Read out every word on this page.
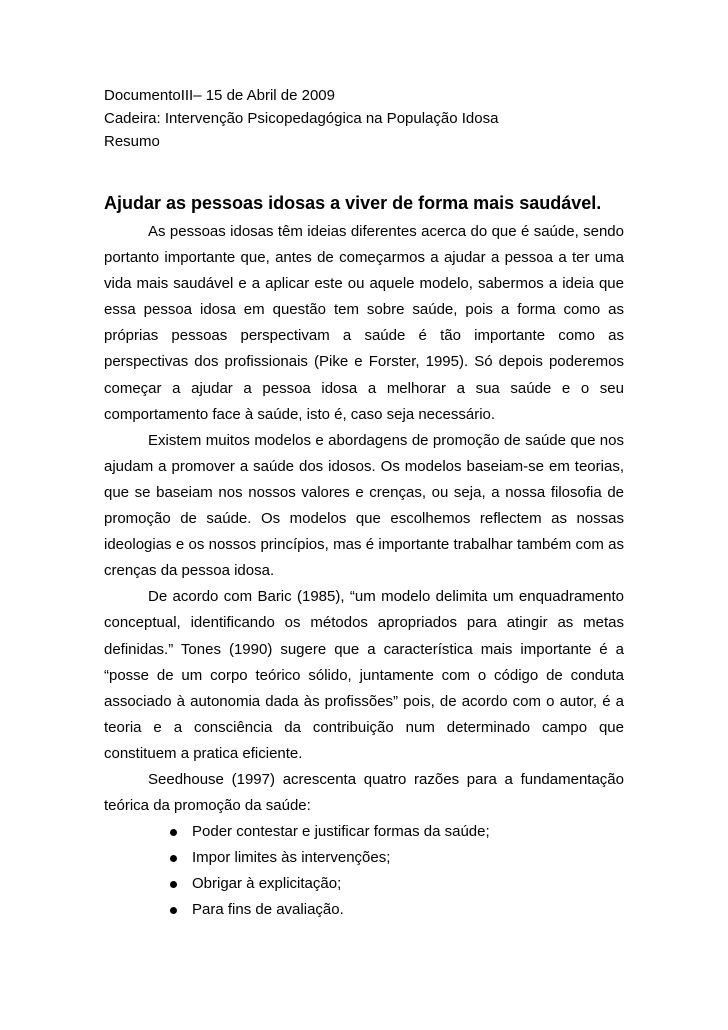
DocumentoIII– 15 de Abril de 2009
Cadeira: Intervenção Psicopedagógica na População Idosa
Resumo
Ajudar as pessoas idosas a viver de forma mais saudável.

As pessoas idosas têm ideias diferentes acerca do que é saúde, sendo portanto importante que, antes de começarmos a ajudar a pessoa a ter uma vida mais saudável e a aplicar este ou aquele modelo, sabermos a ideia que essa pessoa idosa em questão tem sobre saúde, pois a forma como as próprias pessoas perspectivam a saúde é tão importante como as perspectivas dos profissionais (Pike e Forster, 1995). Só depois poderemos começar a ajudar a pessoa idosa a melhorar a sua saúde e o seu comportamento face à saúde, isto é, caso seja necessário.

Existem muitos modelos e abordagens de promoção de saúde que nos ajudam a promover a saúde dos idosos. Os modelos baseiam-se em teorias, que se baseiam nos nossos valores e crenças, ou seja, a nossa filosofia de promoção de saúde. Os modelos que escolhemos reflectem as nossas ideologias e os nossos princípios, mas é importante trabalhar também com as crenças da pessoa idosa.

De acordo com Baric (1985), “um modelo delimita um enquadramento conceptual, identificando os métodos apropriados para atingir as metas definidas.” Tones (1990) sugere que a característica mais importante é a “posse de um corpo teórico sólido, juntamente com o código de conduta associado à autonomia dada às profissões” pois, de acordo com o autor, é a teoria e a consciência da contribuição num determinado campo que constituem a pratica eficiente.

Seedhouse (1997) acrescenta quatro razões para a fundamentação teórica da promoção da saúde:

Poder contestar e justificar formas da saúde;
Impor limites às intervenções;
Obrigar à explicitação;
Para fins de avaliação.
